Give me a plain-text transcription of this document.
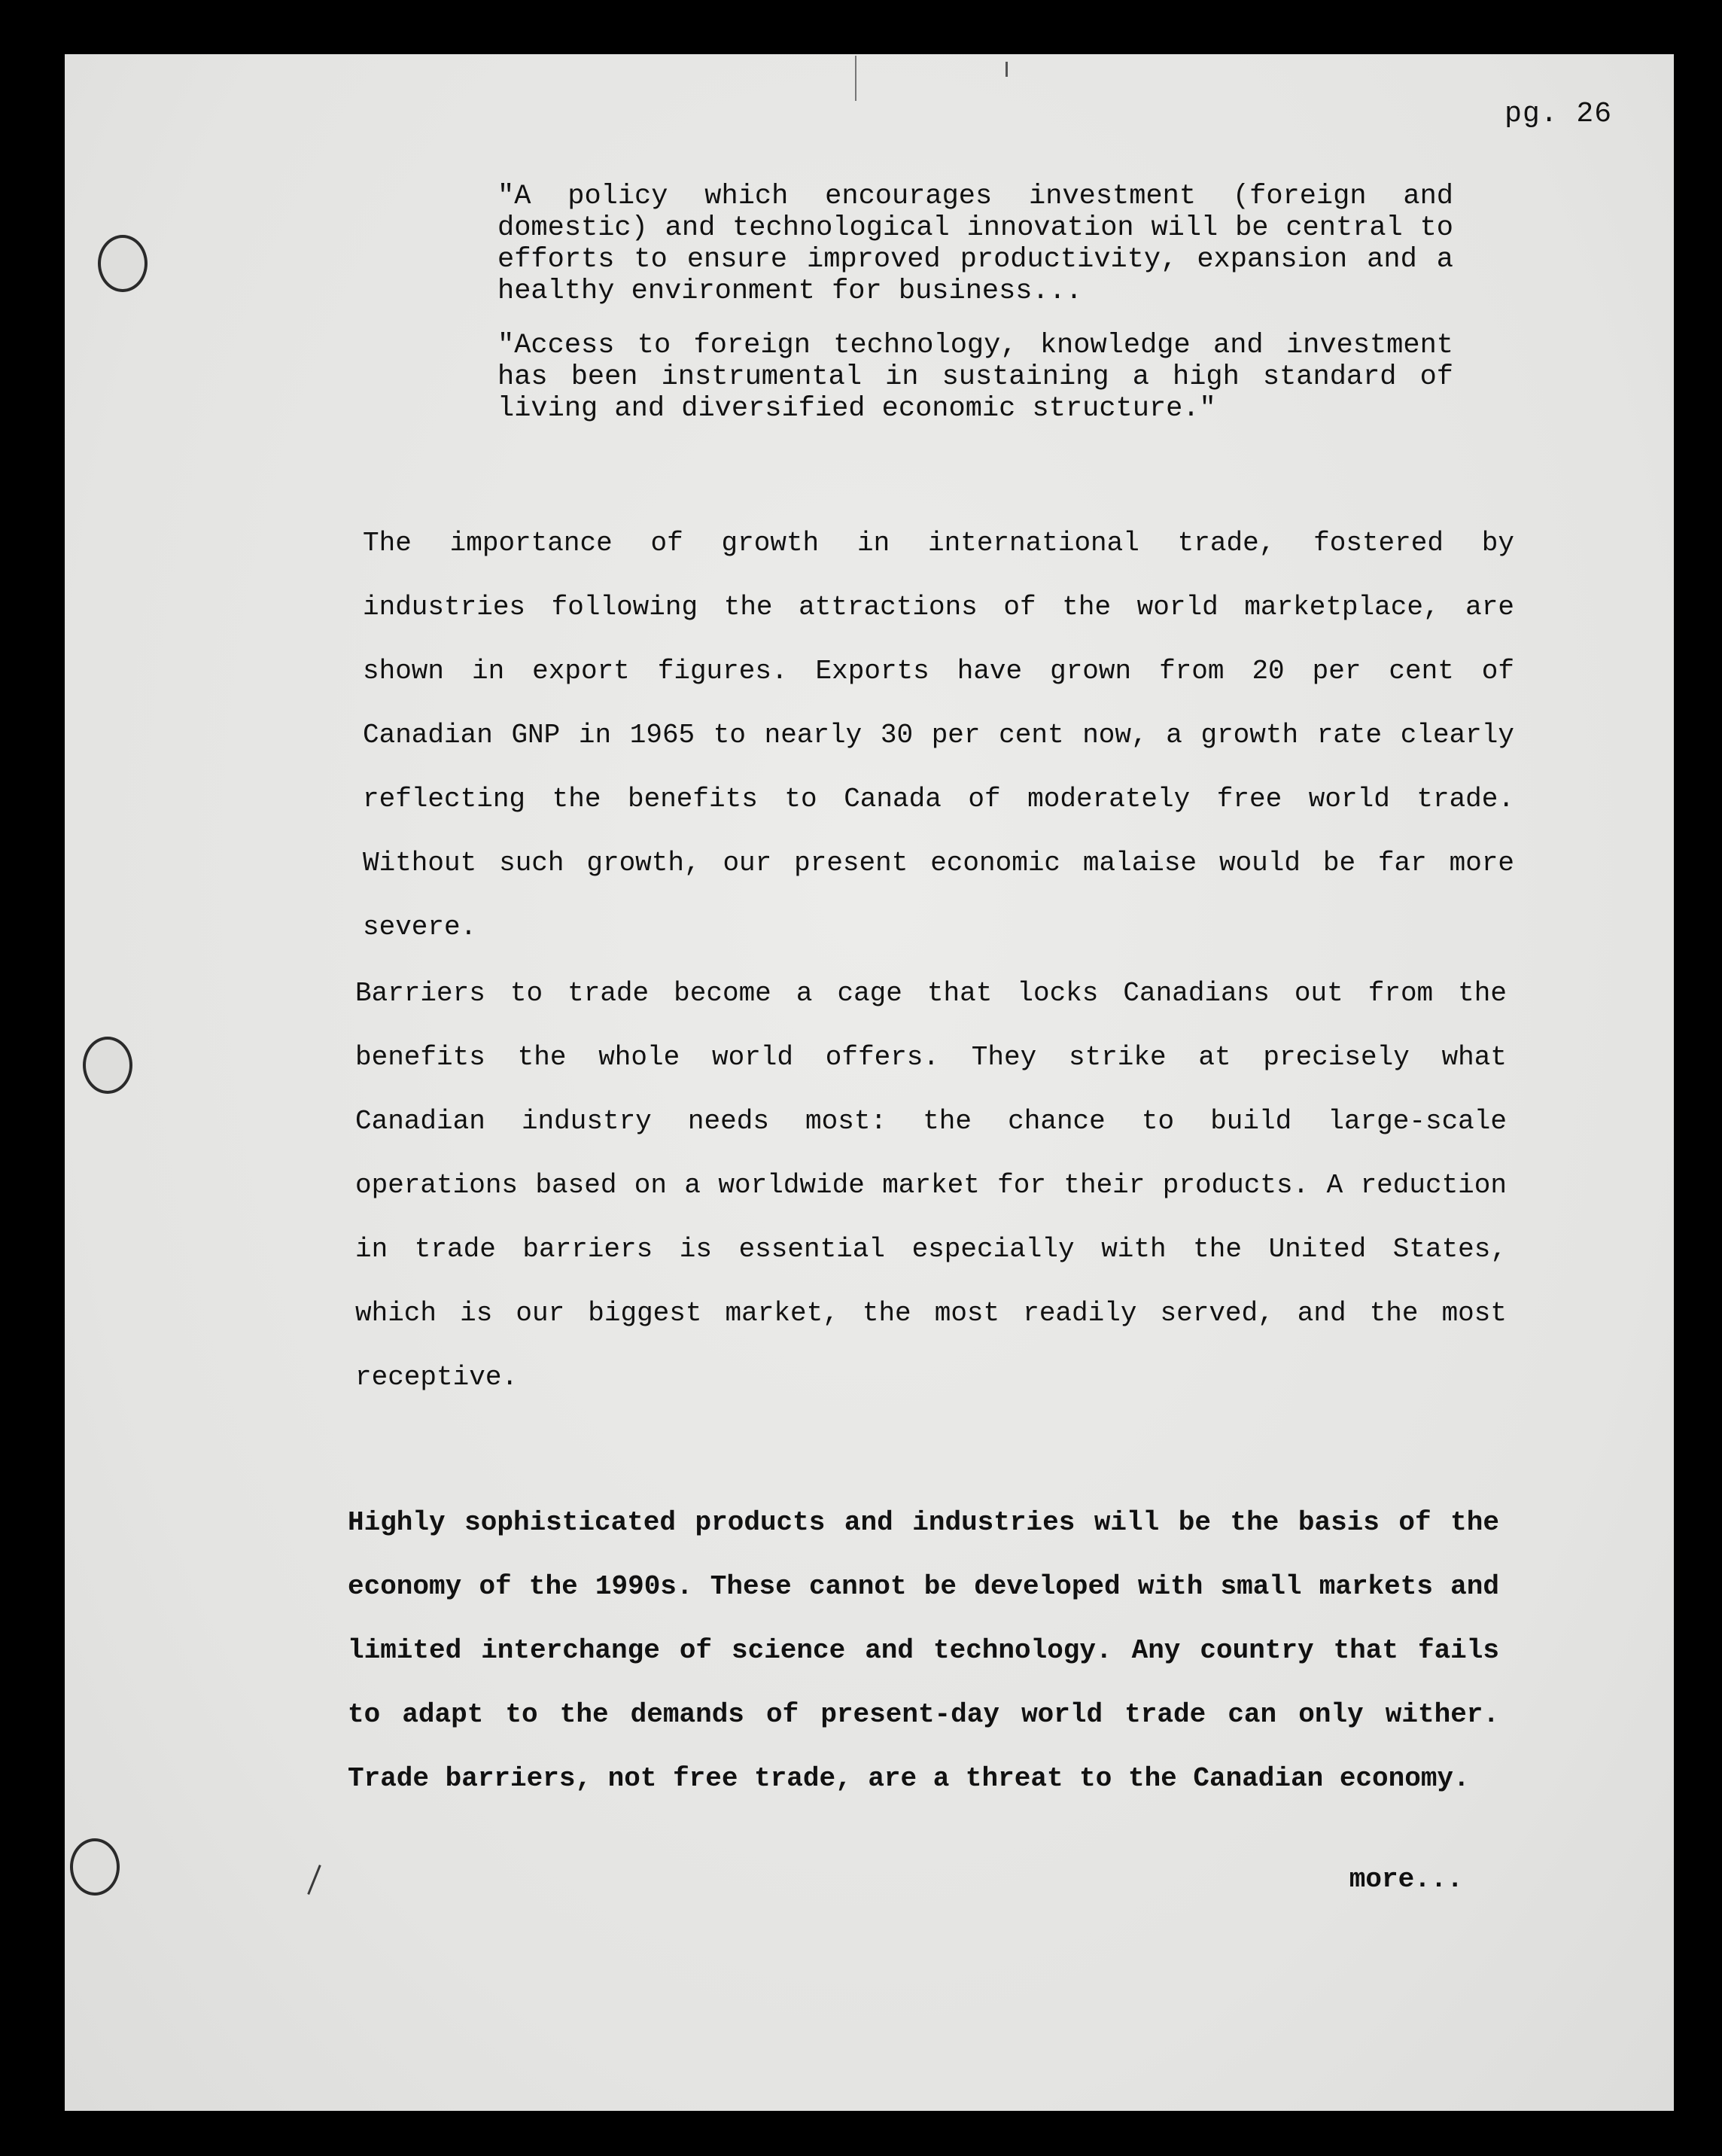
pg. 26

"A policy which encourages investment (foreign and domestic) and technological innovation will be central to efforts to ensure improved productivity, expansion and a healthy environment for business...

"Access to foreign technology, knowledge and investment has been instrumental in sustaining a high standard of living and diversified economic structure."

The importance of growth in international trade, fostered by industries following the attractions of the world marketplace, are shown in export figures. Exports have grown from 20 per cent of Canadian GNP in 1965 to nearly 30 per cent now, a growth rate clearly reflecting the benefits to Canada of moderately free world trade. Without such growth, our present economic malaise would be far more severe.

Barriers to trade become a cage that locks Canadians out from the benefits the whole world offers. They strike at precisely what Canadian industry needs most: the chance to build large-scale operations based on a worldwide market for their products. A reduction in trade barriers is essential especially with the United States, which is our biggest market, the most readily served, and the most receptive.

Highly sophisticated products and industries will be the basis of the economy of the 1990s. These cannot be developed with small markets and limited interchange of science and technology. Any country that fails to adapt to the demands of present-day world trade can only wither. Trade barriers, not free trade, are a threat to the Canadian economy.

more...
